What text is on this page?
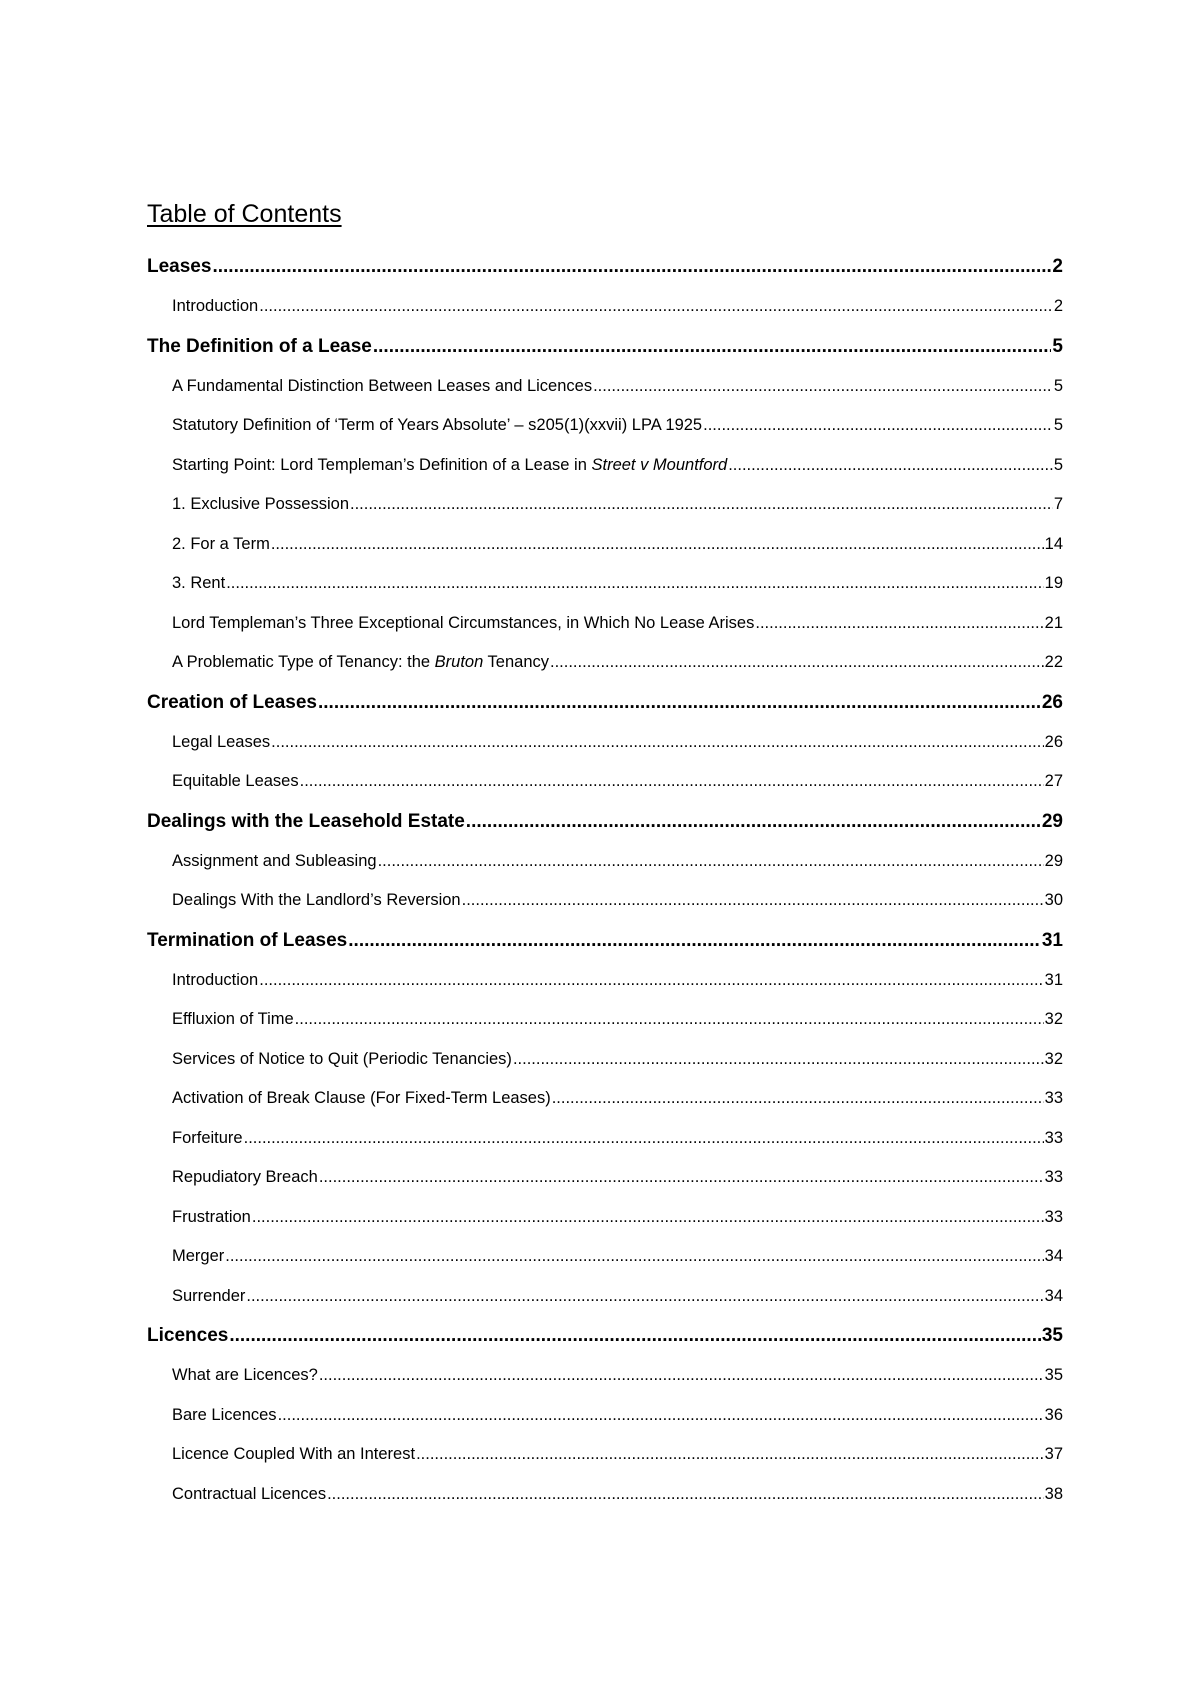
Table of Contents
Leases .....	2
Introduction .....	2
The Definition of a Lease .....	5
A Fundamental Distinction Between Leases and Licences .....	5
Statutory Definition of ‘Term of Years Absolute’ – s205(1)(xxvii) LPA 1925 .....	5
Starting Point: Lord Templeman’s Definition of a Lease in Street v Mountford .....	5
1. Exclusive Possession .....	7
2. For a Term .....	14
3. Rent .....	19
Lord Templeman’s Three Exceptional Circumstances, in Which No Lease Arises .....	21
A Problematic Type of Tenancy: the Bruton Tenancy .....	22
Creation of Leases .....	26
Legal Leases .....	26
Equitable Leases .....	27
Dealings with the Leasehold Estate .....	29
Assignment and Subleasing .....	29
Dealings With the Landlord’s Reversion .....	30
Termination of Leases .....	31
Introduction .....	31
Effluxion of Time .....	32
Services of Notice to Quit (Periodic Tenancies) .....	32
Activation of Break Clause (For Fixed-Term Leases) .....	33
Forfeiture .....	33
Repudiatory Breach .....	33
Frustration .....	33
Merger .....	34
Surrender .....	34
Licences .....	35
What are Licences? .....	35
Bare Licences .....	36
Licence Coupled With an Interest .....	37
Contractual Licences .....	38
